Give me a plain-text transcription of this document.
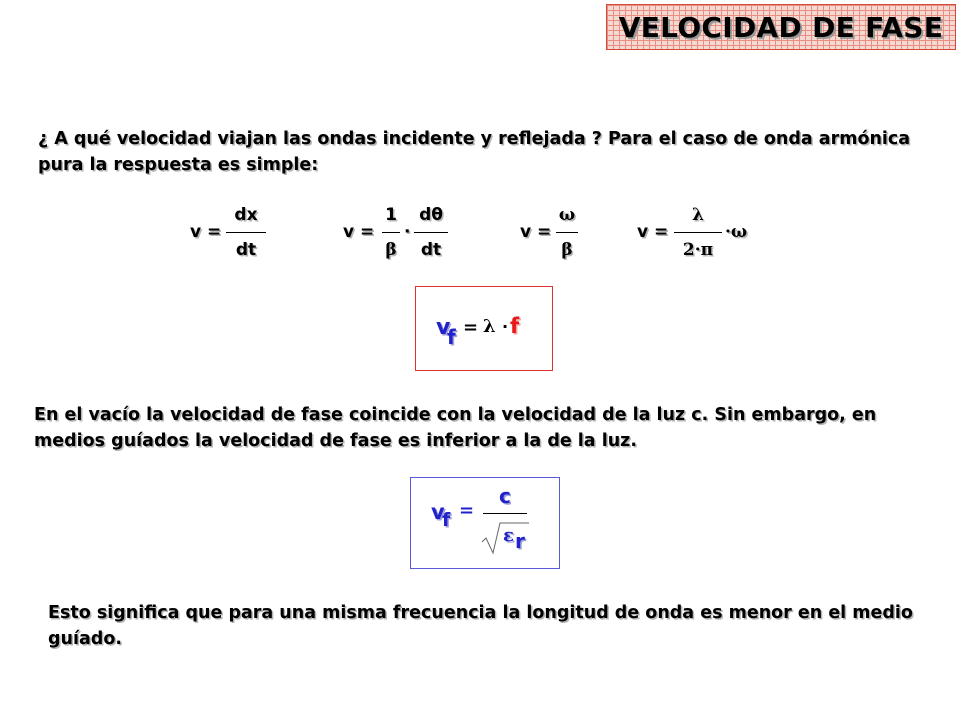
VELOCIDAD DE FASE

¿ A qué velocidad viajan las ondas incidente y reflejada ? Para el caso de onda armónica pura la respuesta es simple:

v =
dx
dt
v =
1
β
·
dθ
dt
v =
ω
β
v =
λ
2·π
·ω
v
f = λ · f

En el vacío la velocidad de fase coincide con la velocidad de la luz c. Sin embargo, en medios guíados la velocidad de fase es inferior a la de la luz.

v
f =
c
ε r

Esto significa que para una misma frecuencia la longitud de onda es menor en el medio guíado.
